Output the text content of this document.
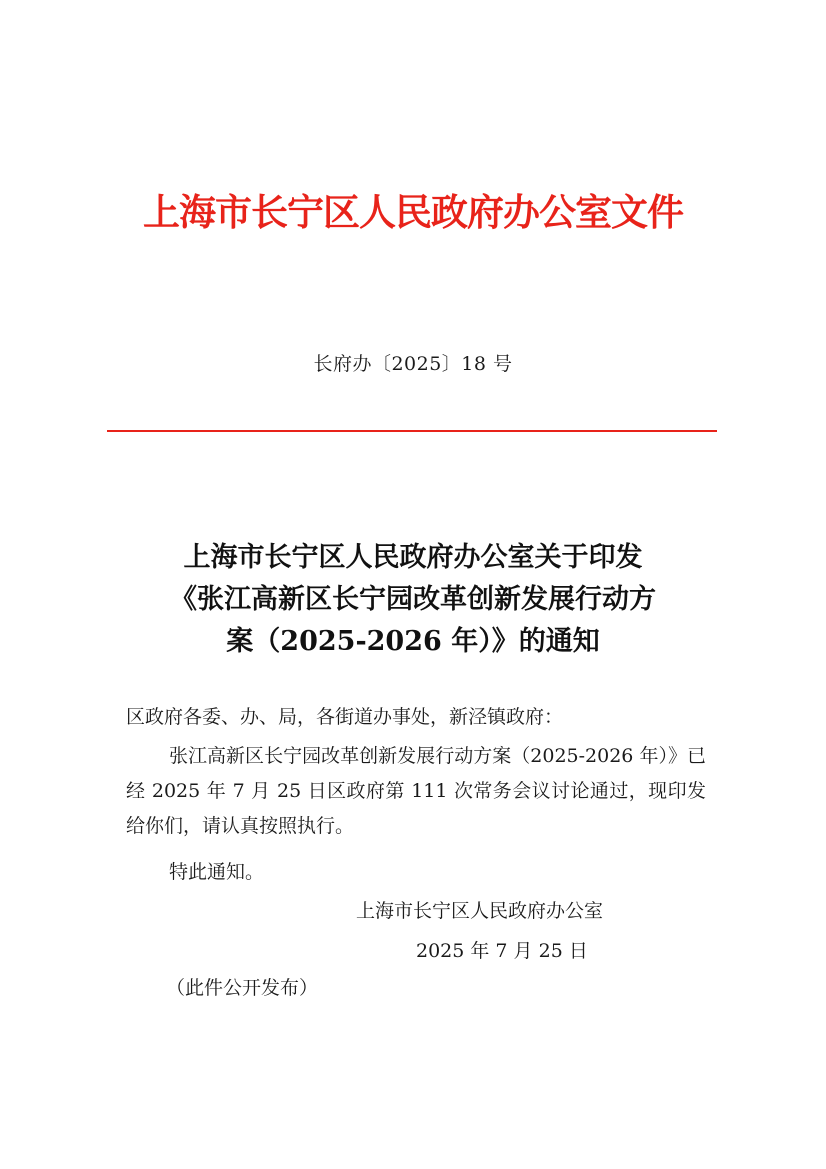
上海市长宁区人民政府办公室文件
长府办〔2025〕18 号
上海市长宁区人民政府办公室关于印发
《张江高新区长宁园改革创新发展行动方
案（2025-2026 年）》的通知
区政府各委、办、局，各街道办事处，新泾镇政府：
张江高新区长宁园改革创新发展行动方案（2025-2026 年）》已经 2025 年 7 月 25 日区政府第 111 次常务会议讨论通过，现印发给你们，请认真按照执行。
特此通知。
上海市长宁区人民政府办公室
2025 年 7 月 25 日
（此件公开发布）
